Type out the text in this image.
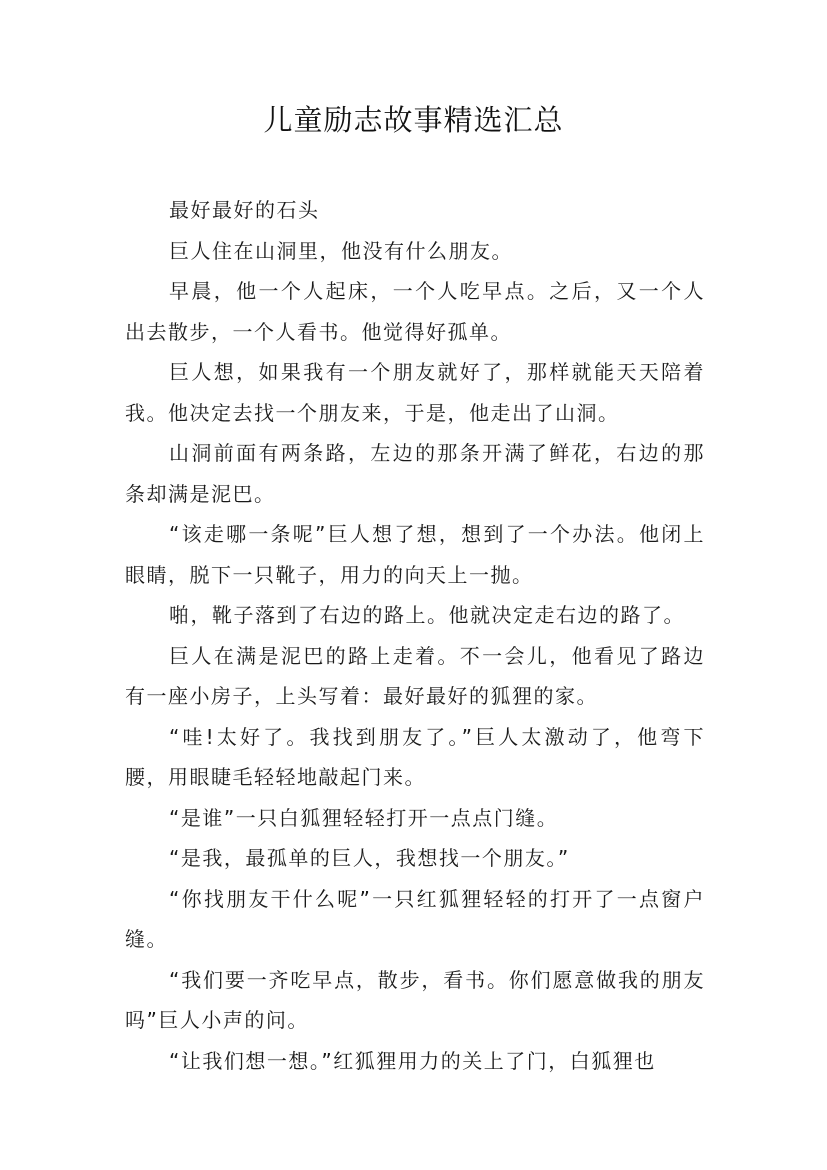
儿童励志故事精选汇总

最好最好的石头

巨人住在山洞里，他没有什么朋友。

早晨，他一个人起床，一个人吃早点。之后，又一个人出去散步，一个人看书。他觉得好孤单。

巨人想，如果我有一个朋友就好了，那样就能天天陪着我。他决定去找一个朋友来，于是，他走出了山洞。

山洞前面有两条路，左边的那条开满了鲜花，右边的那条却满是泥巴。

“该走哪一条呢”巨人想了想，想到了一个办法。他闭上眼睛，脱下一只靴子，用力的向天上一抛。

啪，靴子落到了右边的路上。他就决定走右边的路了。

巨人在满是泥巴的路上走着。不一会儿，他看见了路边有一座小房子，上头写着：最好最好的狐狸的家。

“哇!太好了。我找到朋友了。”巨人太激动了，他弯下腰，用眼睫毛轻轻地敲起门来。

“是谁”一只白狐狸轻轻打开一点点门缝。

“是我，最孤单的巨人，我想找一个朋友。”

“你找朋友干什么呢”一只红狐狸轻轻的打开了一点窗户缝。

“我们要一齐吃早点，散步，看书。你们愿意做我的朋友吗”巨人小声的问。

“让我们想一想。”红狐狸用力的关上了门，白狐狸也
